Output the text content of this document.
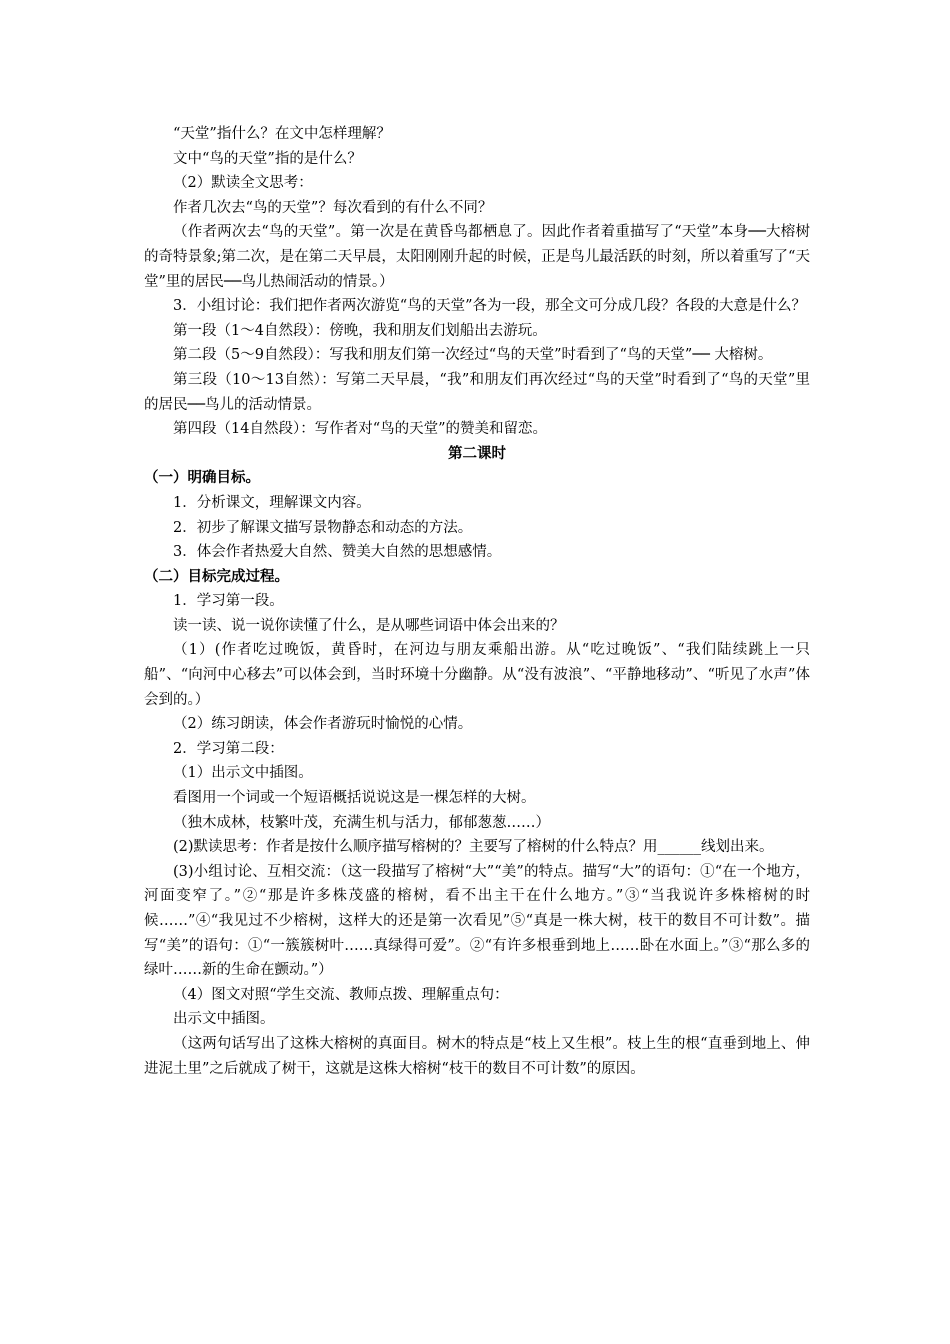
“天堂”指什么？在文中怎样理解？

文中“鸟的天堂”指的是什么？

（2）默读全文思考：

作者几次去“鸟的天堂”？每次看到的有什么不同？

（作者两次去“鸟的天堂”。第一次是在黄昏鸟都栖息了。因此作者着重描写了“天堂”本身──大榕树的奇特景象;第二次，是在第二天早晨，太阳刚刚升起的时候，正是鸟儿最活跃的时刻，所以着重写了“天堂”里的居民──鸟儿热闹活动的情景。）

3．小组讨论：我们把作者两次游览“鸟的天堂”各为一段，那全文可分成几段？各段的大意是什么？

第一段（1～4自然段）：傍晚，我和朋友们划船出去游玩。

第二段（5～9自然段）：写我和朋友们第一次经过“鸟的天堂”时看到了“鸟的天堂”── 大榕树。

第三段（10～13自然）：写第二天早晨，“我”和朋友们再次经过“鸟的天堂”时看到了“鸟的天堂”里的居民──鸟儿的活动情景。

第四段（14自然段）：写作者对“鸟的天堂”的赞美和留恋。

第二课时

（一）明确目标。

1．分析课文，理解课文内容。

2．初步了解课文描写景物静态和动态的方法。

3．体会作者热爱大自然、赞美大自然的思想感情。

（二）目标完成过程。

1．学习第一段。

读一读、说一说你读懂了什么，是从哪些词语中体会出来的？

（1）(作者吃过晚饭，黄昏时，在河边与朋友乘船出游。从“吃过晚饭”、“我们陆续跳上一只船”、“向河中心移去”可以体会到，当时环境十分幽静。从“没有波浪”、“平静地移动”、“听见了水声”体会到的。）

（2）练习朗读，体会作者游玩时愉悦的心情。

2．学习第二段：

（1）出示文中插图。

看图用一个词或一个短语概括说说这是一棵怎样的大树。

（独木成林，枝繁叶茂，充满生机与活力，郁郁葱葱……）

(2)默读思考：作者是按什么顺序描写榕树的？主要写了榕树的什么特点？用______线划出来。

(3)小组讨论、互相交流：（这一段描写了榕树“大”“美”的特点。描写“大”的语句：①“在一个地方，河面变窄了。”②“那是许多株茂盛的榕树，看不出主干在什么地方。”③“当我说许多株榕树的时候……”④“我见过不少榕树，这样大的还是第一次看见”⑤“真是一株大树，枝干的数目不可计数”。描写“美”的语句：①“一簇簇树叶……真绿得可爱”。②“有许多根垂到地上……卧在水面上。”③“那么多的绿叶……新的生命在颤动。”）

（4）图文对照“学生交流、教师点拨、理解重点句：

出示文中插图。

（这两句话写出了这株大榕树的真面目。树木的特点是“枝上又生根”。枝上生的根“直垂到地上、伸进泥土里”之后就成了树干，这就是这株大榕树“枝干的数目不可计数”的原因。
